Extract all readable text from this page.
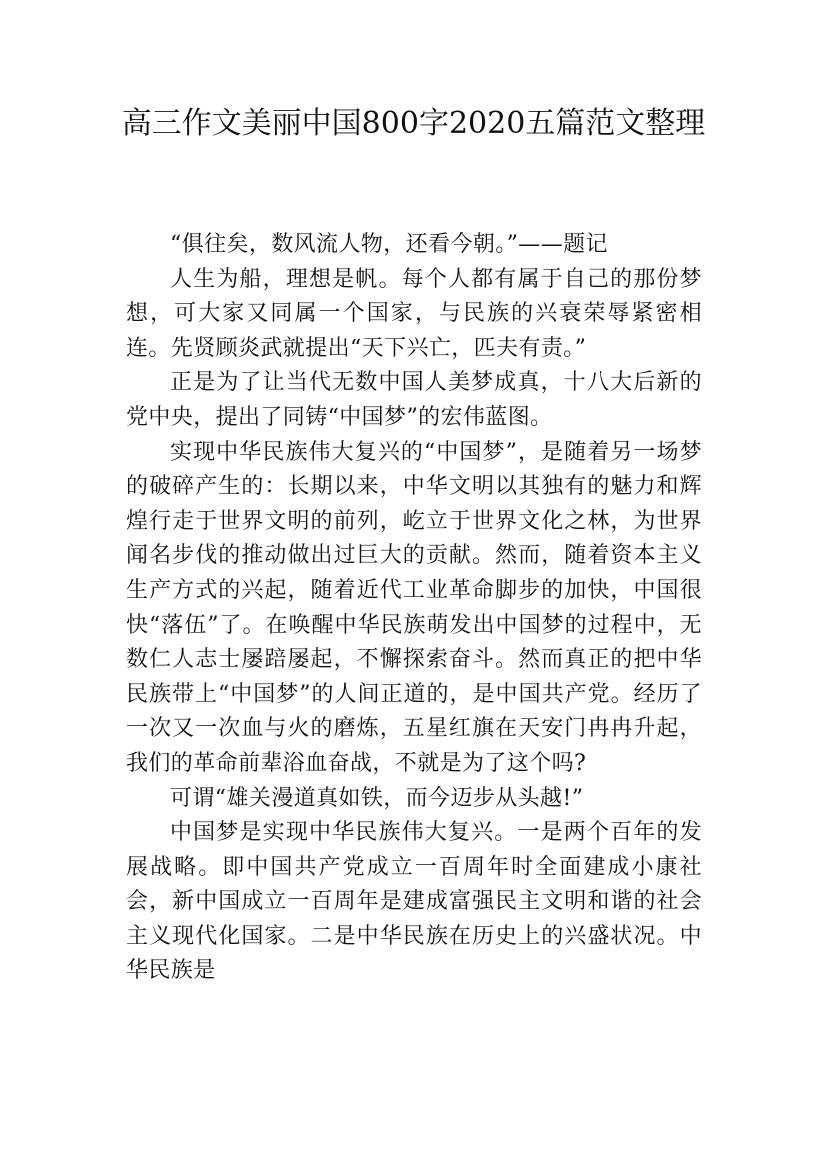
高三作文美丽中国800字2020五篇范文整理

“俱往矣，数风流人物，还看今朝。”——题记

人生为船，理想是帆。每个人都有属于自己的那份梦想，可大家又同属一个国家，与民族的兴衰荣辱紧密相连。先贤顾炎武就提出“天下兴亡，匹夫有责。”

正是为了让当代无数中国人美梦成真，十八大后新的党中央，提出了同铸“中国梦”的宏伟蓝图。

实现中华民族伟大复兴的“中国梦”，是随着另一场梦的破碎产生的：长期以来，中华文明以其独有的魅力和辉煌行走于世界文明的前列，屹立于世界文化之林，为世界闻名步伐的推动做出过巨大的贡献。然而，随着资本主义生产方式的兴起，随着近代工业革命脚步的加快，中国很快“落伍”了。在唤醒中华民族萌发出中国梦的过程中，无数仁人志士屡踣屡起，不懈探索奋斗。然而真正的把中华民族带上“中国梦”的人间正道的，是中国共产党。经历了一次又一次血与火的磨炼，五星红旗在天安门冉冉升起，我们的革命前辈浴血奋战，不就是为了这个吗?

可谓“雄关漫道真如铁，而今迈步从头越!”

中国梦是实现中华民族伟大复兴。一是两个百年的发展战略。即中国共产党成立一百周年时全面建成小康社会，新中国成立一百周年是建成富强民主文明和谐的社会主义现代化国家。二是中华民族在历史上的兴盛状况。中华民族是
